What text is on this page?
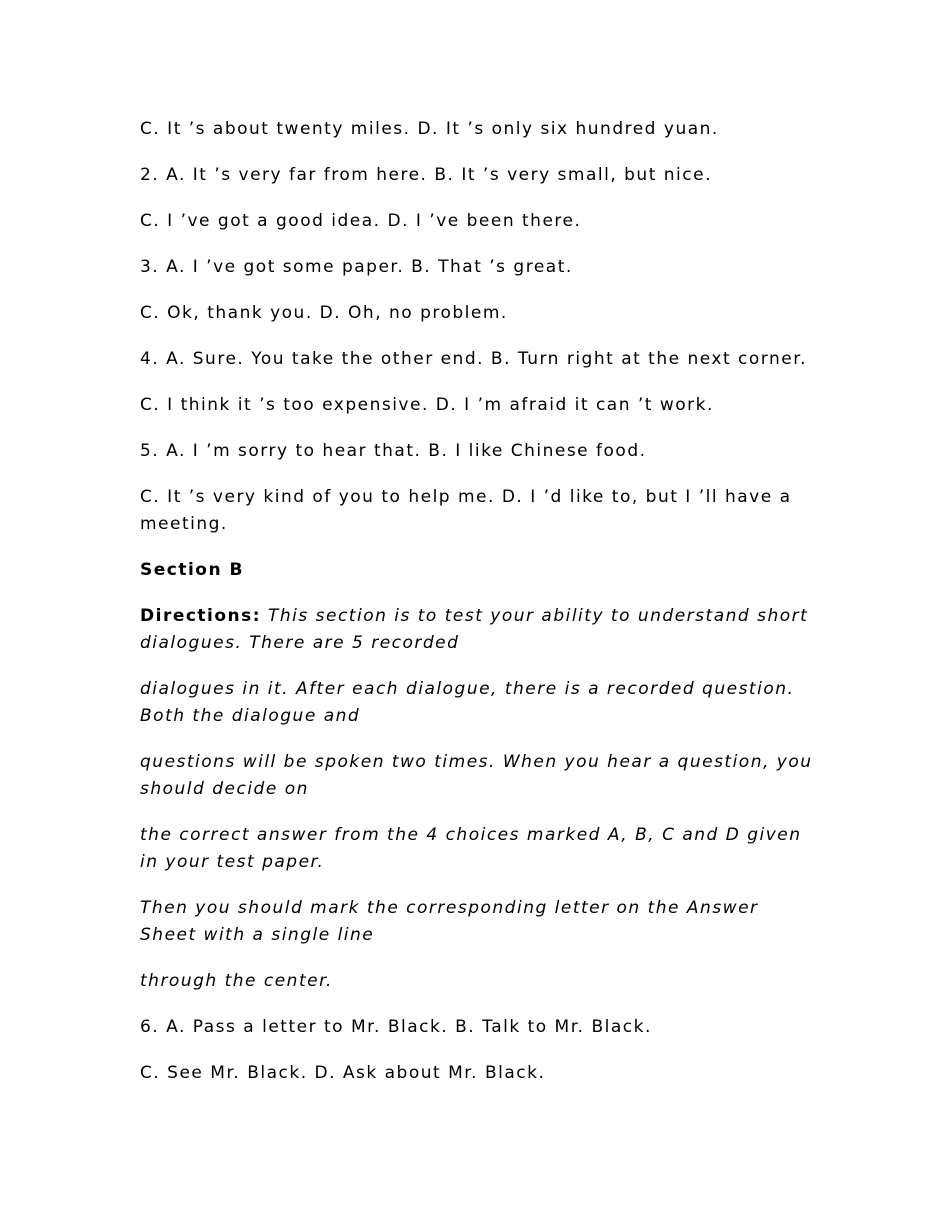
C. It ’s about twenty miles. D. It ’s only six hundred yuan.

2. A. It ’s very far from here. B. It ’s very small, but nice.

C. I ’ve got a good idea. D. I ’ve been there.

3. A. I ’ve got some paper. B. That ’s great.

C. Ok, thank you. D. Oh, no problem.

4. A. Sure. You take the other end. B. Turn right at the next corner.

C. I think it ’s too expensive. D. I ’m afraid it can ’t work.

5. A. I ’m sorry to hear that. B. I like Chinese food.

C. It ’s very kind of you to help me. D. I ’d like to, but I ’ll have a meeting.

Section B

Directions: This section is to test your ability to understand short dialogues. There are 5 recorded

dialogues in it. After each dialogue, there is a recorded question. Both the dialogue and

questions will be spoken two times. When you hear a question, you should decide on

the correct answer from the 4 choices marked A, B, C and D given in your test paper.

Then you should mark the corresponding letter on the Answer Sheet with a single line

through the center.

6. A. Pass a letter to Mr. Black. B. Talk to Mr. Black.

C. See Mr. Black. D. Ask about Mr. Black.
